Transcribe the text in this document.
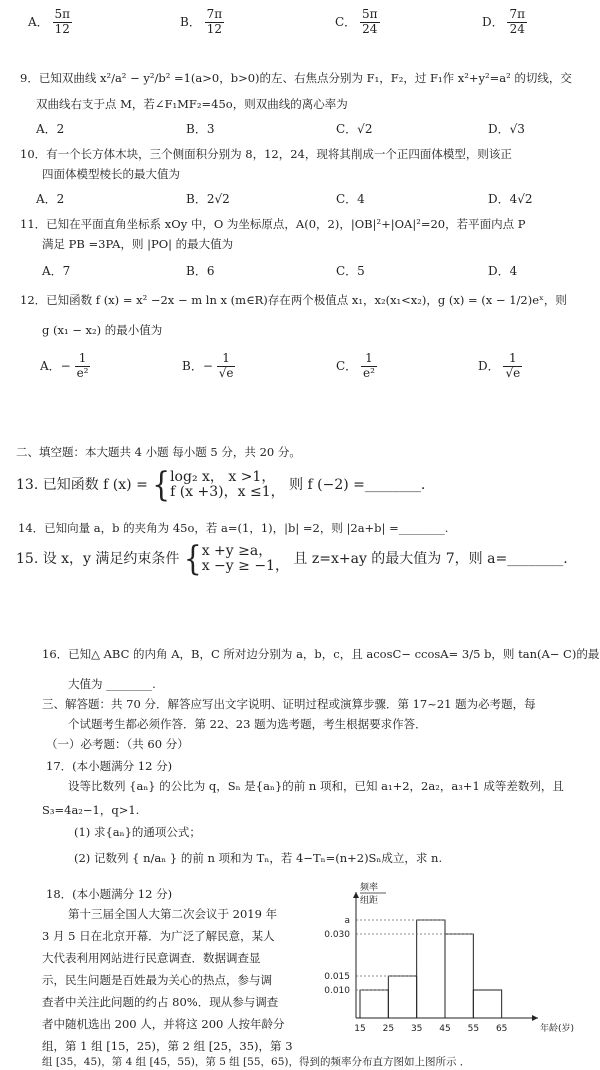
A． $\frac{5\pi}{12}$	B． $\frac{7\pi}{12}$	C． $\frac{5\pi}{24}$	D． $\frac{7\pi}{24}$
9．已知双曲线 x²/a² − y²/b² =1(a>0，b>0)的左、右焦点分别为 F₁，F₂，过 F₁作 x²+y²=a² 的切线，交
双曲线右支于点 M，若∠F₁MF₂=45o，则双曲线的离心率为
A．2	B．3	C．√2	D．√3
10．有一个长方体木块，三个侧面积分别为 8，12，24，现将其削成一个正四面体模型，则该正
四面体模型棱长的最大值为
A．2	B．2√2	C．4	D．4√2
11．已知在平面直角坐标系 xOy 中，O 为坐标原点，A(0，2)，|OB|²+|OA|²=20，若平面内点 P
满足 PB =3PA，则 |PO| 的最大值为
A．7	B．6	C．5	D．4
12．已知函数 f (x) = x² −2x − m ln x (m∈R)存在两个极值点 x₁，x₂(x₁<x₂)，g (x) = (x − 1/2)eˣ，则
g (x₁ − x₂) 的最小值为
A．− $\frac{1}{\text{e²}}$	B．− $\frac{1}{√e}$	C． $\frac{1}{\text{e²}}$	D． $\frac{1}{√e}$
二、填空题：本大题共 4 小题 每小题 5 分，共 20 分。
13. 已知函数 f (x) = {log₂ x， x >1，
f (x +3)，x ≤1， 则 f (−2) =________.
14．已知向量 a，b 的夹角为 45o，若 a=(1，1)，|b| =2，则 |2a+b| =________.
15. 设 x，y 满足约束条件 {x +y ≥a，
x −y ≥ −1， 且 z=x+ay 的最大值为 7，则 a=________.
16．已知△ ABC 的内角 A，B，C 所对边分别为 a，b，c，且 acosC− ccosA= 3/5 b，则 tan(A− C)的最
大值为 ________.
三、解答题：共 70 分．解答应写出文字说明、证明过程或演算步骤．第 17~21 题为必考题，每
个试题考生都必须作答．第 22、23 题为选考题，考生根据要求作答．
（一）必考题：（共 60 分）
17．(本小题满分 12 分)
设等比数列 {aₙ} 的公比为 q，Sₙ 是{aₙ}的前 n 项和，已知 a₁+2，2a₂，a₃+1 成等差数列，且
S₃=4a₂−1，q>1.
(1) 求{aₙ}的通项公式；
(2) 记数列 { n/aₙ } 的前 n 项和为 Tₙ，若 4−Tₙ=(n+2)Sₙ成立，求 n.
18．(本小题满分 12 分)
第十三届全国人大第二次会议于 2019 年
3 月 5 日在北京开幕．为广泛了解民意，某人
大代表利用网站进行民意调查．数据调查显
示，民生问题是百姓最为关心的热点，参与调
查者中关注此问题的约占 80%．现从参与调查
者中随机选出 200 人，并将这 200 人按年龄分
组，第 1 组 [15，25)，第 2 组 [25，35)，第 3
组 [35，45)，第 4 组 [45，55)，第 5 组 [55，65)，得到的频率分布直方图如上图所示 ．
a
0.030
0.015
0.010
15 25 35 45 55 65
频率
组距
年龄(岁)
